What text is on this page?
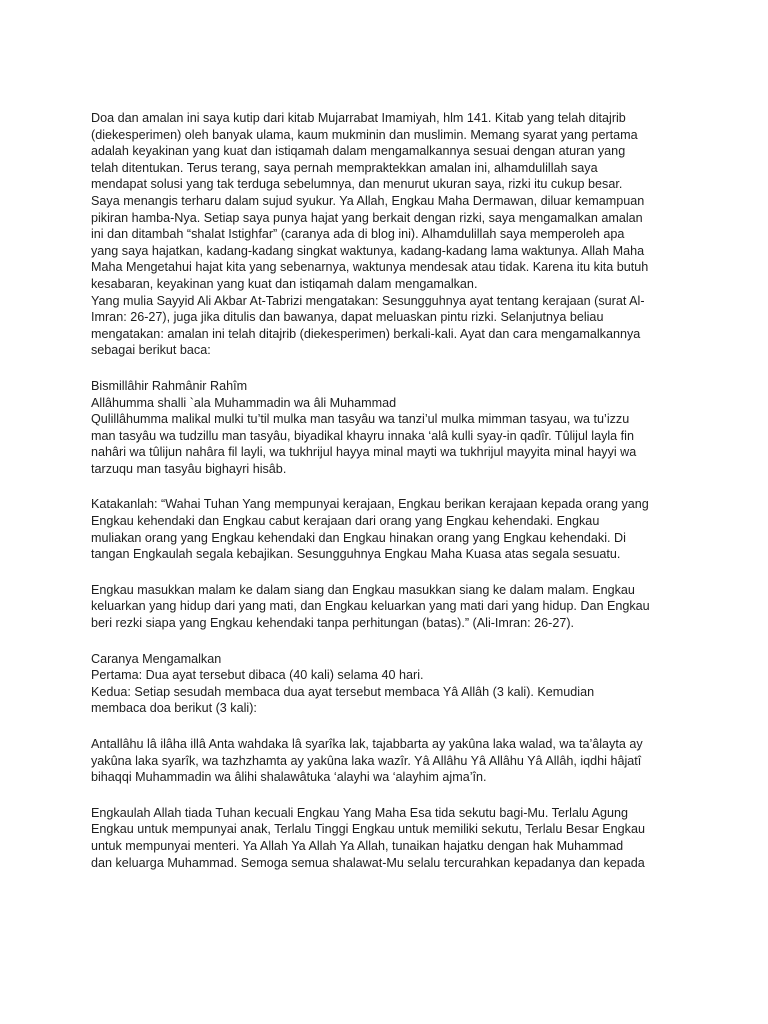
Doa dan amalan ini saya kutip dari kitab Mujarrabat Imamiyah, hlm 141. Kitab yang telah ditajrib
(diekesperimen) oleh banyak ulama, kaum mukminin dan muslimin. Memang syarat yang pertama
adalah keyakinan yang kuat dan istiqamah dalam mengamalkannya sesuai dengan aturan yang
telah ditentukan. Terus terang, saya pernah mempraktekkan amalan ini, alhamdulillah saya
mendapat solusi yang tak terduga sebelumnya, dan menurut ukuran saya, rizki itu cukup besar.
Saya menangis terharu dalam sujud syukur. Ya Allah, Engkau Maha Dermawan, diluar kemampuan
pikiran hamba-Nya. Setiap saya punya hajat yang berkait dengan rizki, saya mengamalkan amalan
ini dan ditambah “shalat Istighfar” (caranya ada di blog ini). Alhamdulillah saya memperoleh apa
yang saya hajatkan, kadang-kadang singkat waktunya, kadang-kadang lama waktunya. Allah Maha
Maha Mengetahui hajat kita yang sebenarnya, waktunya mendesak atau tidak. Karena itu kita butuh
kesabaran, keyakinan yang kuat dan istiqamah dalam mengamalkan.
Yang mulia Sayyid Ali Akbar At-Tabrizi mengatakan: Sesungguhnya ayat tentang kerajaan (surat Al-
Imran: 26-27), juga jika ditulis dan bawanya, dapat meluaskan pintu rizki. Selanjutnya beliau
mengatakan: amalan ini telah ditajrib (diekesperimen) berkali-kali. Ayat dan cara mengamalkannya
sebagai berikut baca:
Bismillâhir Rahmânir Rahîm
Allâhumma shalli `ala Muhammadin wa âli Muhammad
Qulillâhumma malikal mulki tu’til mulka man tasyâu wa tanzi’ul mulka mimman tasyau, wa tu’izzu
man tasyâu wa tudzillu man tasyâu, biyadikal khayru innaka ‘alâ kulli syay-in qadîr. Tûlijul layla fin
nahâri wa tûlijun nahâra fil layli, wa tukhrijul hayya minal mayti wa tukhrijul mayyita minal hayyi wa
tarzuqu man tasyâu bighayri hisâb.
Katakanlah: “Wahai Tuhan Yang mempunyai kerajaan, Engkau berikan kerajaan kepada orang yang
Engkau kehendaki dan Engkau cabut kerajaan dari orang yang Engkau kehendaki. Engkau
muliakan orang yang Engkau kehendaki dan Engkau hinakan orang yang Engkau kehendaki. Di
tangan Engkaulah segala kebajikan. Sesungguhnya Engkau Maha Kuasa atas segala sesuatu.
Engkau masukkan malam ke dalam siang dan Engkau masukkan siang ke dalam malam. Engkau
keluarkan yang hidup dari yang mati, dan Engkau keluarkan yang mati dari yang hidup. Dan Engkau
beri rezki siapa yang Engkau kehendaki tanpa perhitungan (batas).” (Ali-Imran: 26-27).
Caranya Mengamalkan
Pertama: Dua ayat tersebut dibaca (40 kali) selama 40 hari.
Kedua: Setiap sesudah membaca dua ayat tersebut membaca Yâ Allâh (3 kali). Kemudian
membaca doa berikut (3 kali):
Antallâhu lâ ilâha illâ Anta wahdaka lâ syarîka lak, tajabbarta ay yakûna laka walad, wa ta’âlayta ay
yakûna laka syarîk, wa tazhzhamta ay yakûna laka wazîr. Yâ Allâhu Yâ Allâhu Yâ Allâh, iqdhi hâjatî
bihaqqi Muhammadin wa âlihi shalawâtuka ‘alayhi wa ‘alayhim ajma’în.
Engkaulah Allah tiada Tuhan kecuali Engkau Yang Maha Esa tida sekutu bagi-Mu. Terlalu Agung
Engkau untuk mempunyai anak, Terlalu Tinggi Engkau untuk memiliki sekutu, Terlalu Besar Engkau
untuk mempunyai menteri. Ya Allah Ya Allah Ya Allah, tunaikan hajatku dengan hak Muhammad
dan keluarga Muhammad. Semoga semua shalawat-Mu selalu tercurahkan kepadanya dan kepada
